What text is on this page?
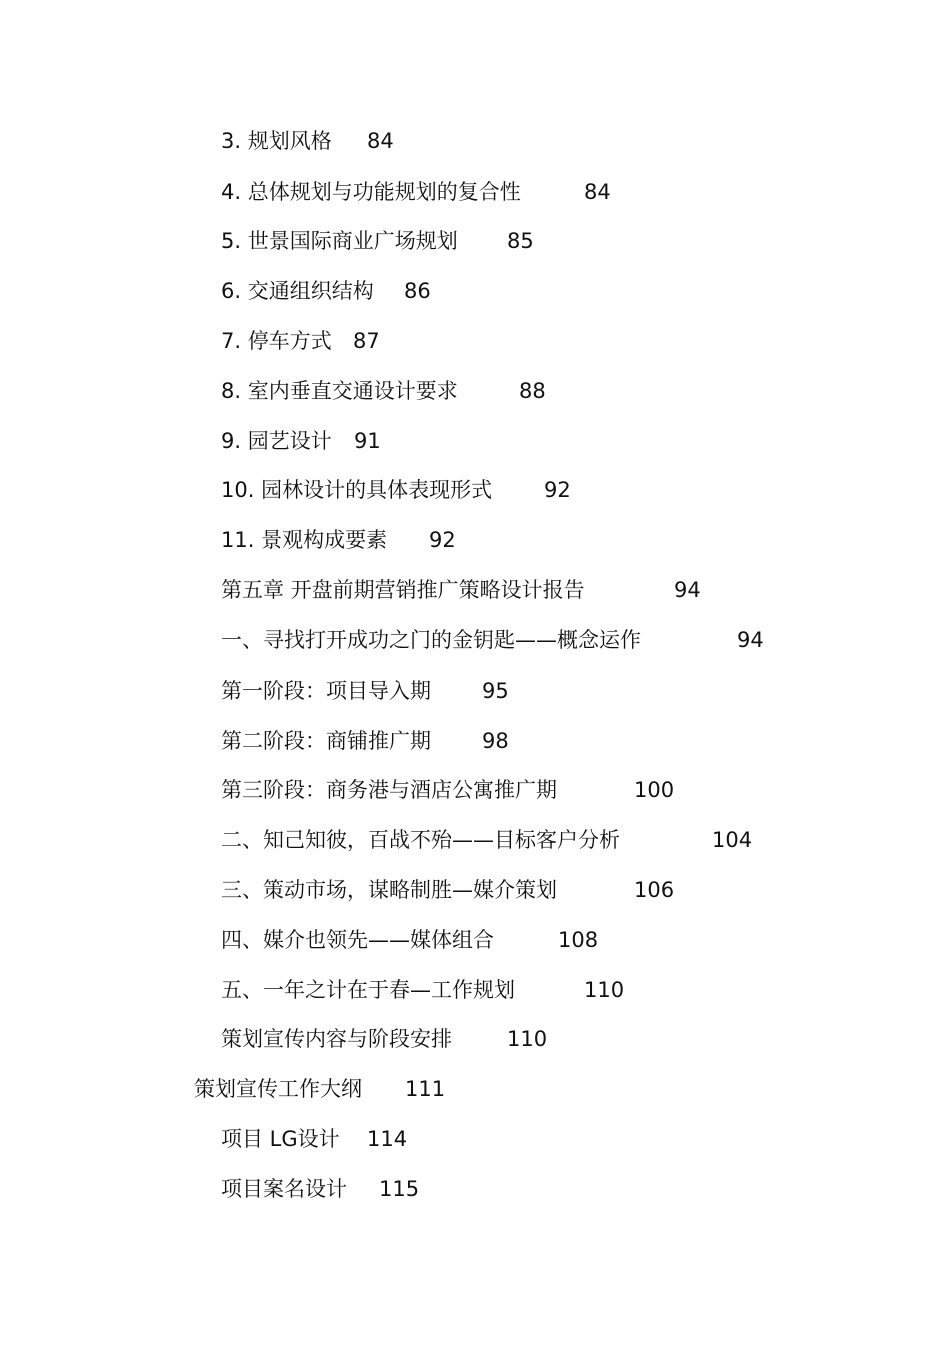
3. 规划风格 84
4. 总体规划与功能规划的复合性	84
5. 世景国际商业广场规划 85
6. 交通组织结构 86
7. 停车方式 87
8. 室内垂直交通设计要求	88
9. 园艺设计 91
10. 园林设计的具体表现形式 92
11. 景观构成要素 92
第五章 开盘前期营销推广策略设计报告	94
一、寻找打开成功之门的金钥匙——概念运作	94
第一阶段：项目导入期 95
第二阶段：商铺推广期 98
第三阶段：商务港与酒店公寓推广期	100
二、知己知彼，百战不殆——目标客户分析	104
三、策动市场，谋略制胜—媒介策划	106
四、媒介也领先——媒体组合	108
五、一年之计在于春—工作规划	110
策划宣传内容与阶段安排	110
策划宣传工作大纲 111
项目 LG设计 114
项目案名设计 115
